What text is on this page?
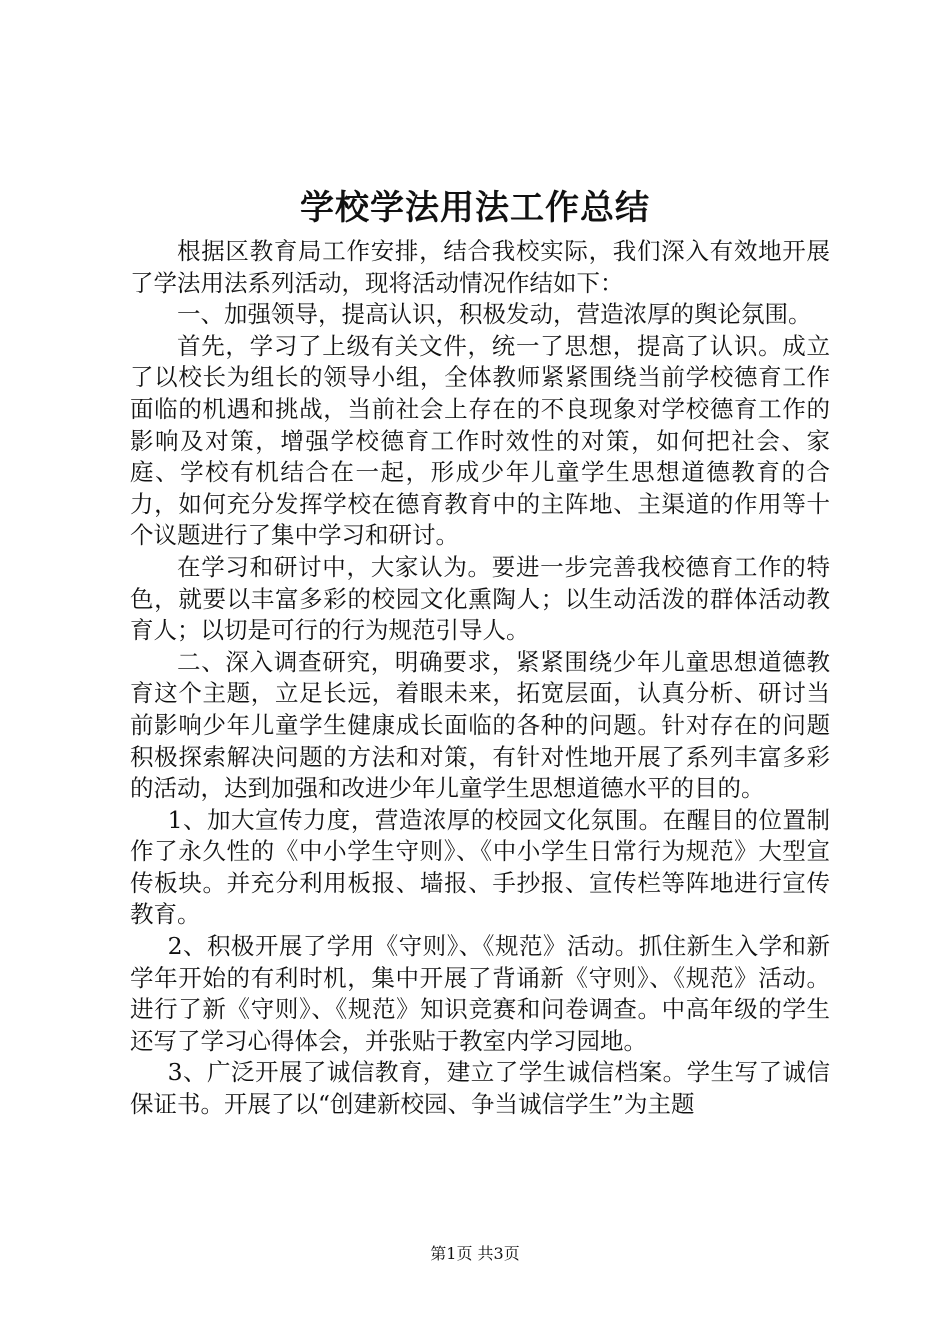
学校学法用法工作总结

根据区教育局工作安排，结合我校实际，我们深入有效地开展了学法用法系列活动，现将活动情况作结如下：

一、加强领导，提高认识，积极发动，营造浓厚的舆论氛围。

首先，学习了上级有关文件，统一了思想，提高了认识。成立了以校长为组长的领导小组，全体教师紧紧围绕当前学校德育工作面临的机遇和挑战，当前社会上存在的不良现象对学校德育工作的影响及对策，增强学校德育工作时效性的对策，如何把社会、家庭、学校有机结合在一起，形成少年儿童学生思想道德教育的合力，如何充分发挥学校在德育教育中的主阵地、主渠道的作用等十个议题进行了集中学习和研讨。

在学习和研讨中，大家认为。要进一步完善我校德育工作的特色，就要以丰富多彩的校园文化熏陶人；以生动活泼的群体活动教育人；以切是可行的行为规范引导人。

二、深入调查研究，明确要求，紧紧围绕少年儿童思想道德教育这个主题，立足长远，着眼未来，拓宽层面，认真分析、研讨当前影响少年儿童学生健康成长面临的各种的问题。针对存在的问题积极探索解决问题的方法和对策，有针对性地开展了系列丰富多彩的活动，达到加强和改进少年儿童学生思想道德水平的目的。

1、加大宣传力度，营造浓厚的校园文化氛围。在醒目的位置制作了永久性的《中小学生守则》、《中小学生日常行为规范》大型宣传板块。并充分利用板报、墙报、手抄报、宣传栏等阵地进行宣传教育。

2、积极开展了学用《守则》、《规范》活动。抓住新生入学和新学年开始的有利时机，集中开展了背诵新《守则》、《规范》活动。进行了新《守则》、《规范》知识竞赛和问卷调查。中高年级的学生还写了学习心得体会，并张贴于教室内学习园地。

3、广泛开展了诚信教育，建立了学生诚信档案。学生写了诚信保证书。开展了以“创建新校园、争当诚信学生”为主题

第1页 共3页
